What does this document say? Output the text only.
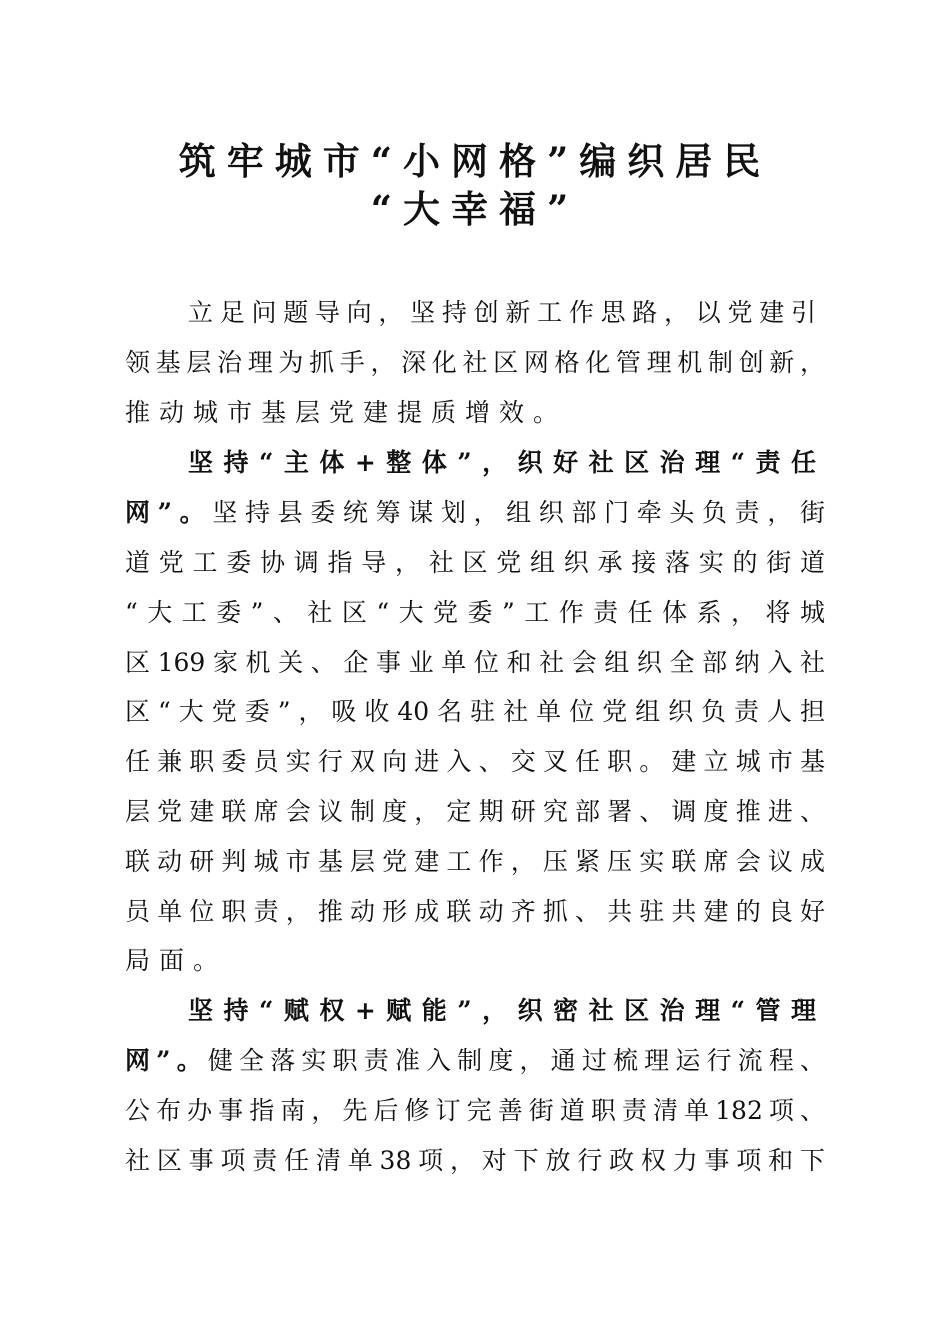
筑牢城市“小网格”编织居民
“大幸福”
立足问题导向，坚持创新工作思路，以党建引
领基层治理为抓手，深化社区网格化管理机制创新，
推动城市基层党建提质增效。
坚持“主体+整体”，织好社区治理“责任
网”。坚持县委统筹谋划，组织部门牵头负责，街
道党工委协调指导，社区党组织承接落实的街道
“大工委”、社区“大党委”工作责任体系，将城
区169家机关、企事业单位和社会组织全部纳入社
区“大党委”，吸收40名驻社单位党组织负责人担
任兼职委员实行双向进入、交叉任职。建立城市基
层党建联席会议制度，定期研究部署、调度推进、
联动研判城市基层党建工作，压紧压实联席会议成
员单位职责，推动形成联动齐抓、共驻共建的良好
局面。
坚持“赋权+赋能”，织密社区治理“管理
网”。健全落实职责准入制度，通过梳理运行流程、
公布办事指南，先后修订完善街道职责清单182项、
社区事项责任清单38项，对下放行政权力事项和下
